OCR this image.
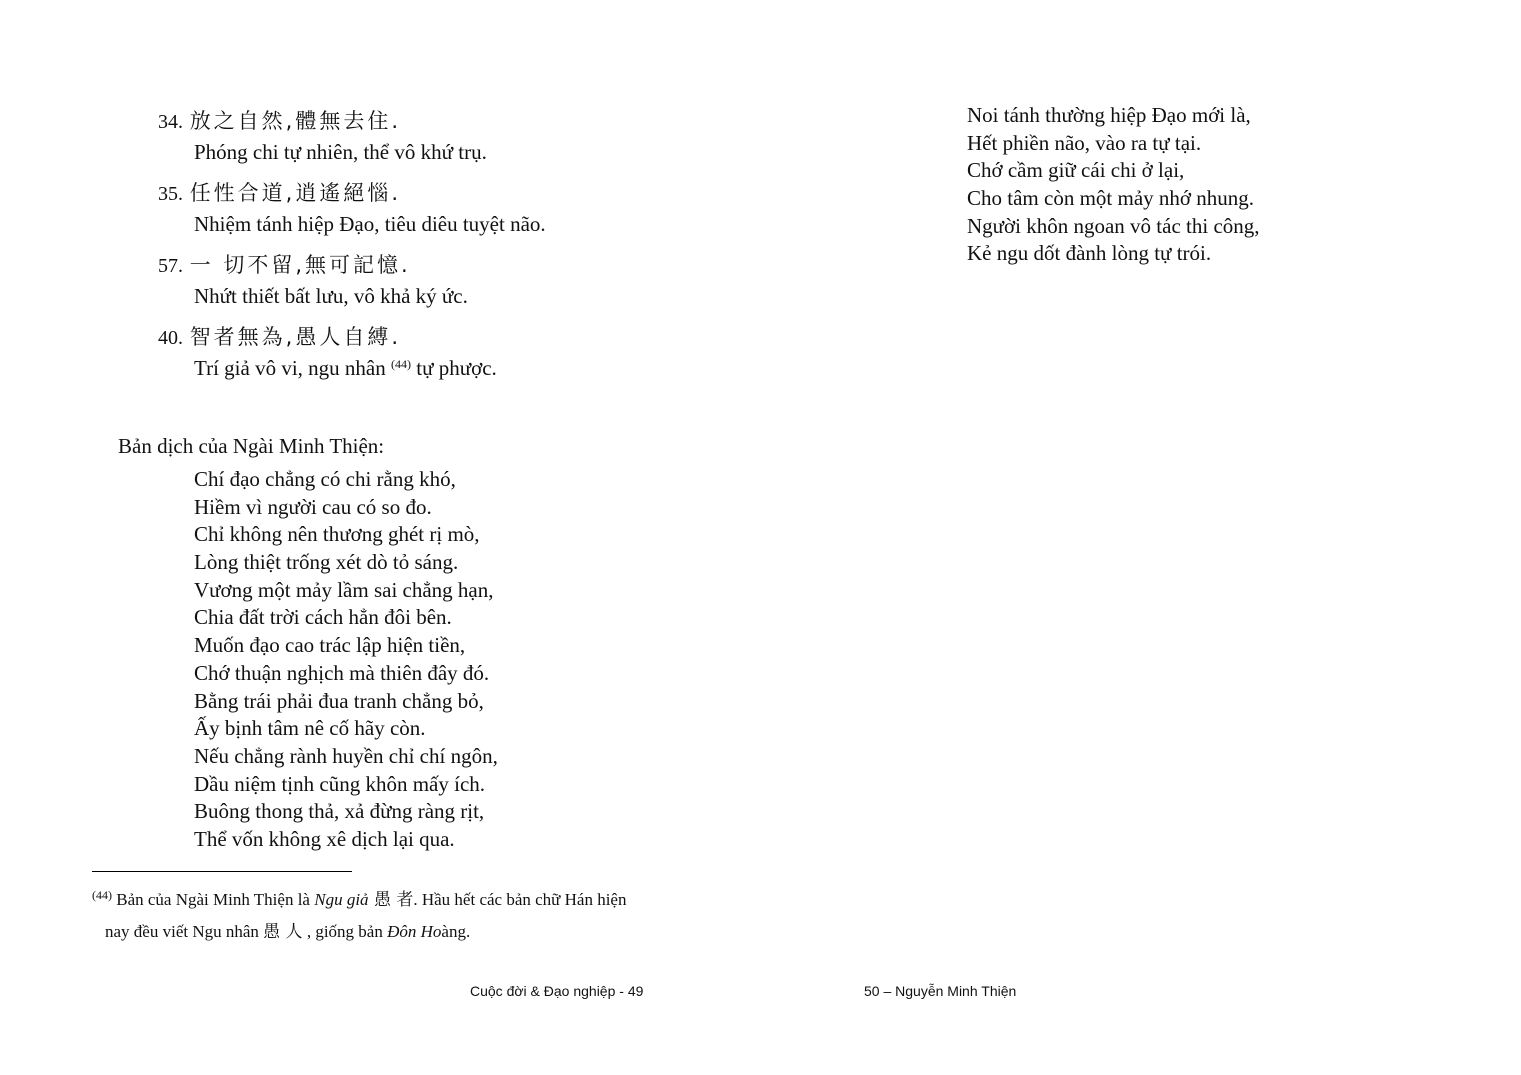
34. 放之自然,體無去住.
Phóng chi tự nhiên, thể vô khứ trụ.
35. 任性合道,逍遙絕惱.
Nhiệm tánh hiệp Đạo, tiêu diêu tuyệt não.
57. 一 切不留,無可記憶.
Nhứt thiết bất lưu, vô khả ký ức.
40. 智者無為,愚人自縛.
Trí giả vô vi, ngu nhân $^{(44)}$ tự phược.
Bản dịch của Ngài Minh Thiện:
Chí đạo chẳng có chi rằng khó,
Hiềm vì người cau có so đo.
Chỉ không nên thương ghét rị mò,
Lòng thiệt trống xét dò tỏ sáng.
Vương một mảy lầm sai chẳng hạn,
Chia đất trời cách hẳn đôi bên.
Muốn đạo cao trác lập hiện tiền,
Chớ thuận nghịch mà thiên đây đó.
Bằng trái phải đua tranh chẳng bỏ,
Ấy bịnh tâm nê cố hãy còn.
Nếu chẳng rành huyền chỉ chí ngôn,
Dầu niệm tịnh cũng khôn mấy ích.
Buông thong thả, xả đừng ràng rịt,
Thể vốn không xê dịch lại qua.
$^{(44)}$ Bản của Ngài Minh Thiện là Ngu giả 愚 者. Hầu hết các bản chữ Hán hiện
nay đều viết Ngu nhân 愚 人 , giống bản Đôn Hoàng.
Cuộc đời & Đạo nghiệp - 49	50 – Nguyễn Minh Thiện
Noi tánh thường hiệp Đạo mới là,
Hết phiền não, vào ra tự tại.
Chớ cầm giữ cái chi ở lại,
Cho tâm còn một mảy nhớ nhung.
Người khôn ngoan vô tác thi công,
Kẻ ngu dốt đành lòng tự trói.
